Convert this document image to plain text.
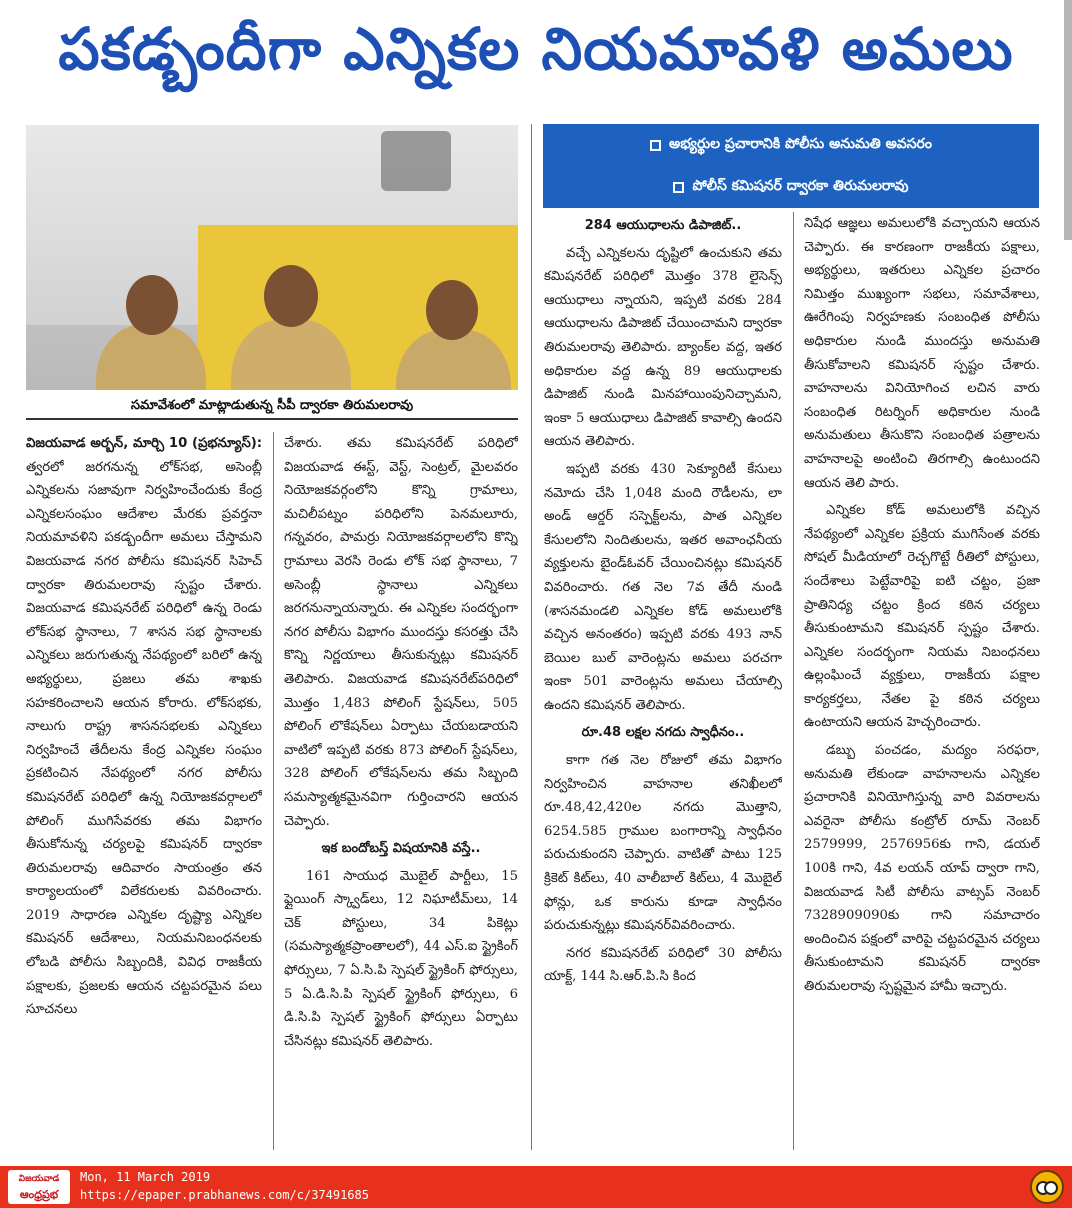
పకడ్బందీగా ఎన్నికల నియమావళి అమలు
సమావేశంలో మాట్లాడుతున్న సీపీ ద్వారకా తిరుమలరావు
అభ్యర్థుల ప్రచారానికి పోలీసు అనుమతి అవసరం
పోలీస్ కమిషనర్ ద్వారకా తిరుమలరావు

విజయవాడ అర్బన్, మార్చి 10 (ప్రభన్యూస్): త్వరలో జరగనున్న లోక్‌సభ, అసెంబ్లీ ఎన్నికలను సజావుగా నిర్వహించేందుకు కేంద్ర ఎన్నికలసంఘం ఆదేశాల మేరకు ప్రవర్తనా నియమావళిని పకడ్బందీగా అమలు చేస్తామని విజయవాడ నగర పోలీసు కమిషనర్ సిహెచ్ ద్వారకా తిరుమలరావు స్పష్టం చేశారు. విజయవాడ కమిషనరేట్ పరిధిలో ఉన్న రెండు లోక్‌సభ స్థానాలు, 7 శాసన సభ స్థానాలకు ఎన్నికలు జరుగుతున్న నేపథ్యంలో బరిలో ఉన్న అభ్యర్థులు, ప్రజలు తమ శాఖకు సహకరించాలని ఆయన కోరారు. లోక్‌సభకు, నాలుగు రాష్ట్ర శాసనసభలకు ఎన్నికలు నిర్వహించే తేదీలను కేంద్ర ఎన్నికల సంఘం ప్రకటించిన నేపథ్యంలో నగర పోలీసు కమిషనరేట్ పరిధిలో ఉన్న నియోజకవర్గాలలో పోలింగ్ ముగిసేవరకు తమ విభాగం తీసుకోనున్న చర్యలపై కమిషనర్ ద్వారకా తిరుమలరావు ఆదివారం సాయంత్రం తన కార్యాలయంలో విలేకరులకు వివరించారు. 2019 సాధారణ ఎన్నికల దృష్ట్యా ఎన్నికల కమిషనర్ ఆదేశాలు, నియమనిబంధనలకు లోబడి పోలీసు సిబ్బందికి, వివిధ రాజకీయ పక్షాలకు, ప్రజలకు ఆయన చట్టపరమైన పలు సూచనలు

చేశారు. తమ కమిషనరేట్ పరిధిలో విజయవాడ ఈస్ట్, వెస్ట్, సెంట్రల్, మైలవరం నియోజకవర్గంలోని కొన్ని గ్రామాలు, మచిలీపట్నం పరిధిలోని పెనమలూరు, గన్నవరం, పామర్రు నియోజకవర్గాలలోని కొన్ని గ్రామాలు వెరసి రెండు లోక్ సభ స్థానాలు, 7 అసెంబ్లీ స్థానాలు ఎన్నికలు జరగనున్నాయన్నారు. ఈ ఎన్నికల సందర్భంగా నగర పోలీసు విభాగం ముందస్తు కసరత్తు చేసి కొన్ని నిర్ణయాలు తీసుకున్నట్లు కమిషనర్ తెలిపారు. విజయవాడ కమిషనరేట్‌పరిధిలో మొత్తం 1,483 పోలింగ్ స్టేషన్‌లు, 505 పోలింగ్ లొకేషన్‌లు ఏర్పాటు చేయబడాయని వాటిలో ఇప్పటి వరకు 873 పోలింగ్ స్టేషన్‌లు, 328 పోలింగ్ లోకేషన్‌లను తమ సిబ్బంది సమస్యాత్మకమైనవిగా గుర్తించారని ఆయన చెప్పారు.

ఇక బందోబస్త్ విషయానికి వస్తే..

161 సాయుధ మొబైల్ పార్టీలు, 15 ఫ్లైయింగ్ స్క్వాడ్‌లు, 12 నిఘాటీమ్‌లు, 14 చెక్ పోస్టులు, 34 పికెట్లు (సమస్యాత్మకప్రాంతాలలో), 44 ఎస్.ఐ స్ట్రైకింగ్ ఫోర్సులు, 7 ఏ.సి.పి స్పెషల్ స్ట్రైకింగ్ ఫోర్సులు, 5 ఏ.డి.సి.పి స్పెషల్ స్ట్రైకింగ్ ఫోర్సులు, 6 డి.సి.పి స్పెషల్ స్ట్రైకింగ్ ఫోర్సులు ఏర్పాటు చేసినట్లు కమిషనర్ తెలిపారు.

284 ఆయుధాలను డిపాజిట్..

వచ్చే ఎన్నికలను దృష్టిలో ఉంచుకుని తమ కమిషనరేట్ పరిధిలో మొత్తం 378 లైసెన్స్ ఆయుధాలు న్నాయని, ఇప్పటి వరకు 284 ఆయుధాలను డిపాజిట్ చేయించామని ద్వారకా తిరుమలరావు తెలిపారు. బ్యాంక్‌ల వద్ద, ఇతర అధికారుల వద్ద ఉన్న 89 ఆయుధాలకు డిపాజిట్ నుండి మినహాయింపునిచ్చామని, ఇంకా 5 ఆయుధాలు డిపాజిట్ కావాల్సి ఉందని ఆయన తెలిపారు.

ఇప్పటి వరకు 430 సెక్యూరిటీ కేసులు నమోదు చేసి 1,048 మంది రౌడీలను, లా అండ్ ఆర్డర్ సస్పెక్ట్‌లను, పాత ఎన్నికల కేసులలోని నిందితులను, ఇతర అవాంఛనీయ వ్యక్తులను బైండ్‌ఓవర్ చేయించినట్లు కమిషనర్ వివరించారు. గత నెల 7వ తేదీ నుండి (శాసనమండలి ఎన్నికల కోడ్ అమలులోకి వచ్చిన అనంతరం) ఇప్పటి వరకు 493 నాన్ బెయిల బుల్ వారెంట్లను అమలు పరచగా ఇంకా 501 వారెంట్లను అమలు చేయాల్సి ఉందని కమిషనర్ తెలిపారు.

రూ.48 లక్షల నగదు స్వాధీనం..

కాగా గత నెల రోజులో తమ విభాగం నిర్వహించిన వాహనాల తనిఖీలలో రూ.48,42,420ల నగదు మొత్తాని, 6254.585 గ్రాముల బంగారాన్ని స్వాధీనం పరుచుకుందని చెప్పారు. వాటితో పాటు 125 క్రికెట్ కిట్‌లు, 40 వాలీబాల్ కిట్‌లు, 4 మొబైల్ ఫోన్లు, ఒక కారును కూడా స్వాధీనం పరుచుకున్నట్లు కమిషనర్‌వివరించారు.

నగర కమిషనరేట్ పరిధిలో 30 పోలీసు యాక్ట్, 144 సి.ఆర్.పి.సి కింద

నిషేధ ఆజ్ఞలు అమలులోకి వచ్చాయని ఆయన చెప్పారు. ఈ కారణంగా రాజకీయ పక్షాలు, అభ్యర్థులు, ఇతరులు ఎన్నికల ప్రచారం నిమిత్తం ముఖ్యంగా సభలు, సమావేశాలు, ఊరేగింపు నిర్వహణకు సంబంధిత పోలీసు అధికారుల నుండి ముందస్తు అనుమతి తీసుకోవాలని కమిషనర్ స్పష్టం చేశారు. వాహనాలను వినియోగించ లచిన వారు సంబంధిత రిటర్నింగ్ అధికారుల నుండి అనుమతులు తీసుకొని సంబంధిత పత్రాలను వాహనాలపై అంటించి తిరగాల్సి ఉంటుందని ఆయన తెలి పారు.

ఎన్నికల కోడ్ అమలులోకి వచ్చిన నేపథ్యంలో ఎన్నికల ప్రక్రియ ముగిసేంత వరకు సోషల్ మీడియాలో రెచ్చగొట్టే రీతిలో పోస్టులు, సందేశాలు పెట్టేవారిపై ఐటి చట్టం, ప్రజా ప్రాతినిధ్య చట్టం క్రింద కఠిన చర్యలు తీసుకుంటామని కమిషనర్ స్పష్టం చేశారు. ఎన్నికల సందర్భంగా నియమ నిబంధనలు ఉల్లంఘించే వ్యక్తులు, రాజకీయ పక్షాల కార్యకర్తలు, నేతల పై కఠిన చర్యలు ఉంటాయని ఆయన హెచ్చరించారు.

డబ్బు పంచడం, మద్యం సరఫరా, అనుమతి లేకుండా వాహనాలను ఎన్నికల ప్రచారానికి వినియోగిస్తున్న వారి వివరాలను ఎవరైనా పోలీసు కంట్రోల్ రూమ్ నెంబర్ 2579999, 2576956కు గాని, డయల్ 100కి గాని, 4వ లయన్ యాప్ ద్వారా గాని, విజయవాడ సిటీ పోలీసు వాట్సప్ నెంబర్ 7328909090కు గాని సమాచారం అందించిన పక్షంలో వారిపై చట్టపరమైన చర్యలు తీసుకుంటామని కమిషనర్ ద్వారకా తిరుమలరావు స్పష్టమైన హామీ ఇచ్చారు.

విజయవాడ
ఆంధ్రప్రభ
Mon, 11 March 2019
https://epaper.prabhanews.com/c/37491685
